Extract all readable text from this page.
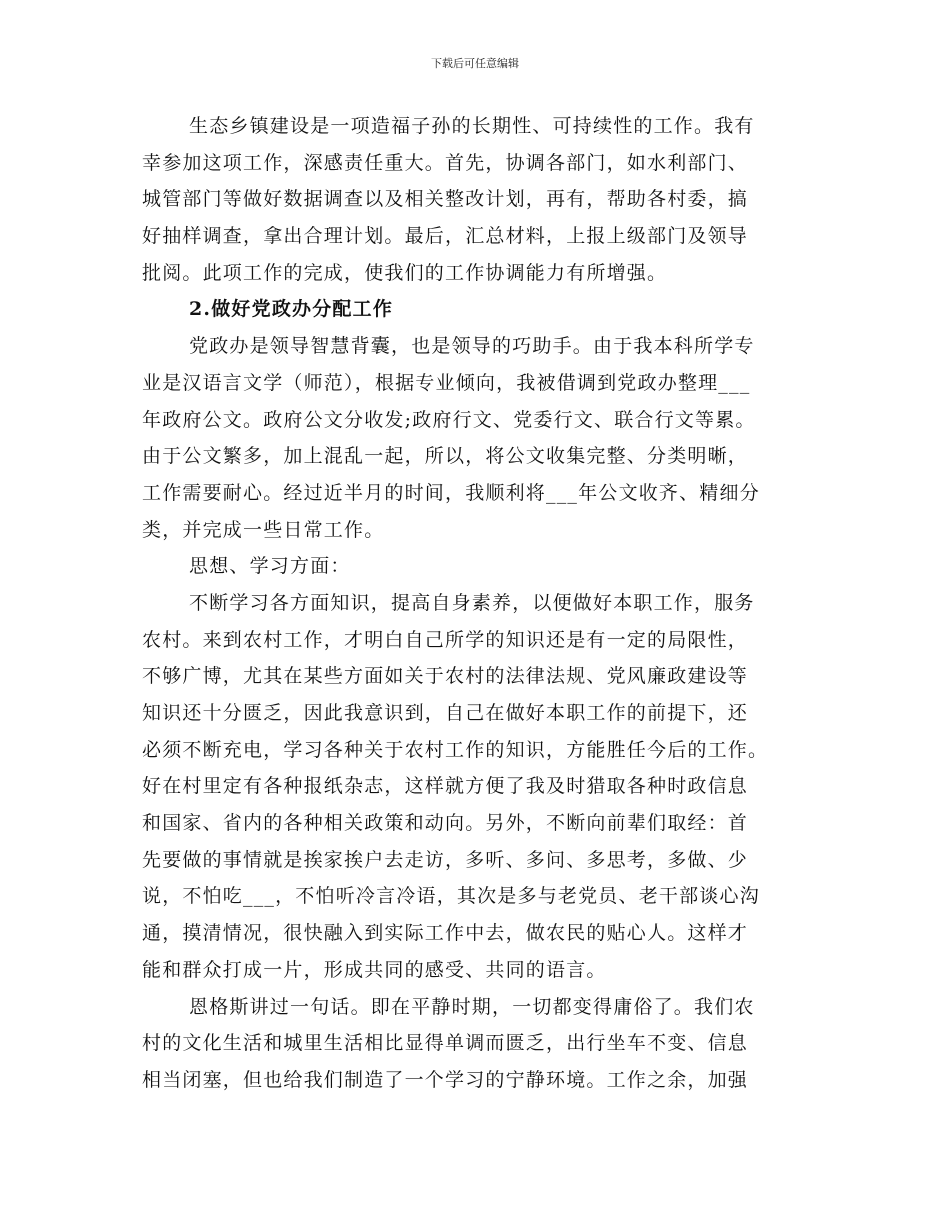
下载后可任意编辑
生态乡镇建设是一项造福子孙的长期性、可持续性的工作。我有
幸参加这项工作，深感责任重大。首先，协调各部门，如水利部门、
城管部门等做好数据调查以及相关整改计划，再有，帮助各村委，搞
好抽样调查，拿出合理计划。最后，汇总材料，上报上级部门及领导
批阅。此项工作的完成，使我们的工作协调能力有所增强。
2.做好党政办分配工作
党政办是领导智慧背囊，也是领导的巧助手。由于我本科所学专
业是汉语言文学（师范），根据专业倾向，我被借调到党政办整理___
年政府公文。政府公文分收发;政府行文、党委行文、联合行文等累。
由于公文繁多，加上混乱一起，所以，将公文收集完整、分类明晰，
工作需要耐心。经过近半月的时间，我顺利将___年公文收齐、精细分
类，并完成一些日常工作。
思想、学习方面：
不断学习各方面知识，提高自身素养，以便做好本职工作，服务
农村。来到农村工作，才明白自己所学的知识还是有一定的局限性，
不够广博，尤其在某些方面如关于农村的法律法规、党风廉政建设等
知识还十分匮乏，因此我意识到，自己在做好本职工作的前提下，还
必须不断充电，学习各种关于农村工作的知识，方能胜任今后的工作。
好在村里定有各种报纸杂志，这样就方便了我及时猎取各种时政信息
和国家、省内的各种相关政策和动向。另外，不断向前辈们取经：首
先要做的事情就是挨家挨户去走访，多听、多问、多思考，多做、少
说，不怕吃___，不怕听冷言冷语，其次是多与老党员、老干部谈心沟
通，摸清情况，很快融入到实际工作中去，做农民的贴心人。这样才
能和群众打成一片，形成共同的感受、共同的语言。
恩格斯讲过一句话。即在平静时期，一切都变得庸俗了。我们农
村的文化生活和城里生活相比显得单调而匮乏，出行坐车不变、信息
相当闭塞，但也给我们制造了一个学习的宁静环境。工作之余，加强
